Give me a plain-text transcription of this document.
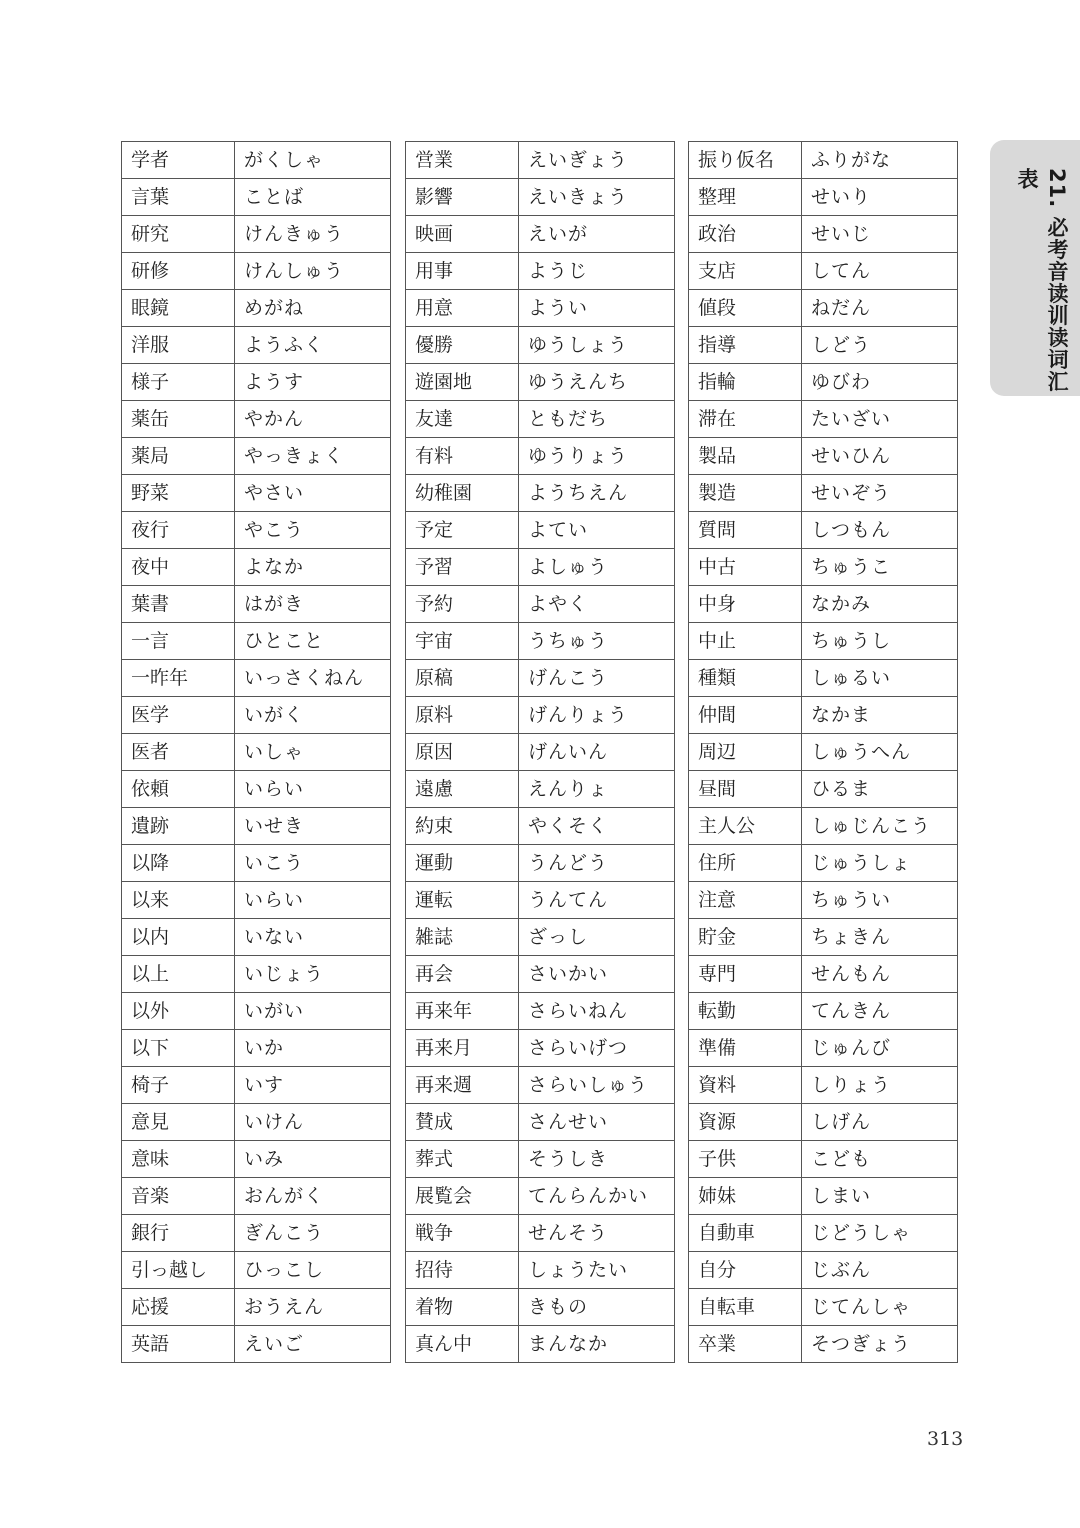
学者	がくしゃ
言葉	ことば
研究	けんきゅう
研修	けんしゅう
眼鏡	めがね
洋服	ようふく
様子	ようす
薬缶	やかん
薬局	やっきょく
野菜	やさい
夜行	やこう
夜中	よなか
葉書	はがき
一言	ひとこと
一昨年	いっさくねん
医学	いがく
医者	いしゃ
依頼	いらい
遺跡	いせき
以降	いこう
以来	いらい
以内	いない
以上	いじょう
以外	いがい
以下	いか
椅子	いす
意見	いけん
意味	いみ
音楽	おんがく
銀行	ぎんこう
引っ越し	ひっこし
応援	おうえん
英語	えいご
営業	えいぎょう
影響	えいきょう
映画	えいが
用事	ようじ
用意	ようい
優勝	ゆうしょう
遊園地	ゆうえんち
友達	ともだち
有料	ゆうりょう
幼稚園	ようちえん
予定	よてい
予習	よしゅう
予約	よやく
宇宙	うちゅう
原稿	げんこう
原料	げんりょう
原因	げんいん
遠慮	えんりょ
約束	やくそく
運動	うんどう
運転	うんてん
雑誌	ざっし
再会	さいかい
再来年	さらいねん
再来月	さらいげつ
再来週	さらいしゅう
賛成	さんせい
葬式	そうしき
展覧会	てんらんかい
戦争	せんそう
招待	しょうたい
着物	きもの
真ん中	まんなか
振り仮名	ふりがな
整理	せいり
政治	せいじ
支店	してん
値段	ねだん
指導	しどう
指輪	ゆびわ
滞在	たいざい
製品	せいひん
製造	せいぞう
質問	しつもん
中古	ちゅうこ
中身	なかみ
中止	ちゅうし
種類	しゅるい
仲間	なかま
周辺	しゅうへん
昼間	ひるま
主人公	しゅじんこう
住所	じゅうしょ
注意	ちゅうい
貯金	ちょきん
専門	せんもん
転勤	てんきん
準備	じゅんび
資料	しりょう
資源	しげん
子供	こども
姉妹	しまい
自動車	じどうしゃ
自分	じぶん
自転車	じてんしゃ
卒業	そつぎょう
21. 必考音读训读词汇表
313
